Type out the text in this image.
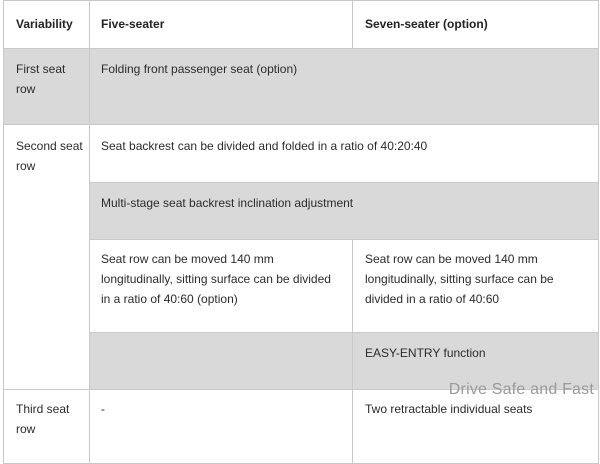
Variability	Five-seater	Seven-seater (option)
First seat row	Folding front passenger seat (option)	
Second seat row	Seat backrest can be divided and folded in a ratio of 40:20:40	
	Multi-stage seat backrest inclination adjustment	
	Seat row can be moved 140 mm longitudinally, sitting surface can be divided in a ratio of 40:60 (option)	Seat row can be moved 140 mm longitudinally, sitting surface can be divided in a ratio of 40:60
		EASY-ENTRY function
Third seat row	-	Two retractable individual seats
Drive Safe and Fast
